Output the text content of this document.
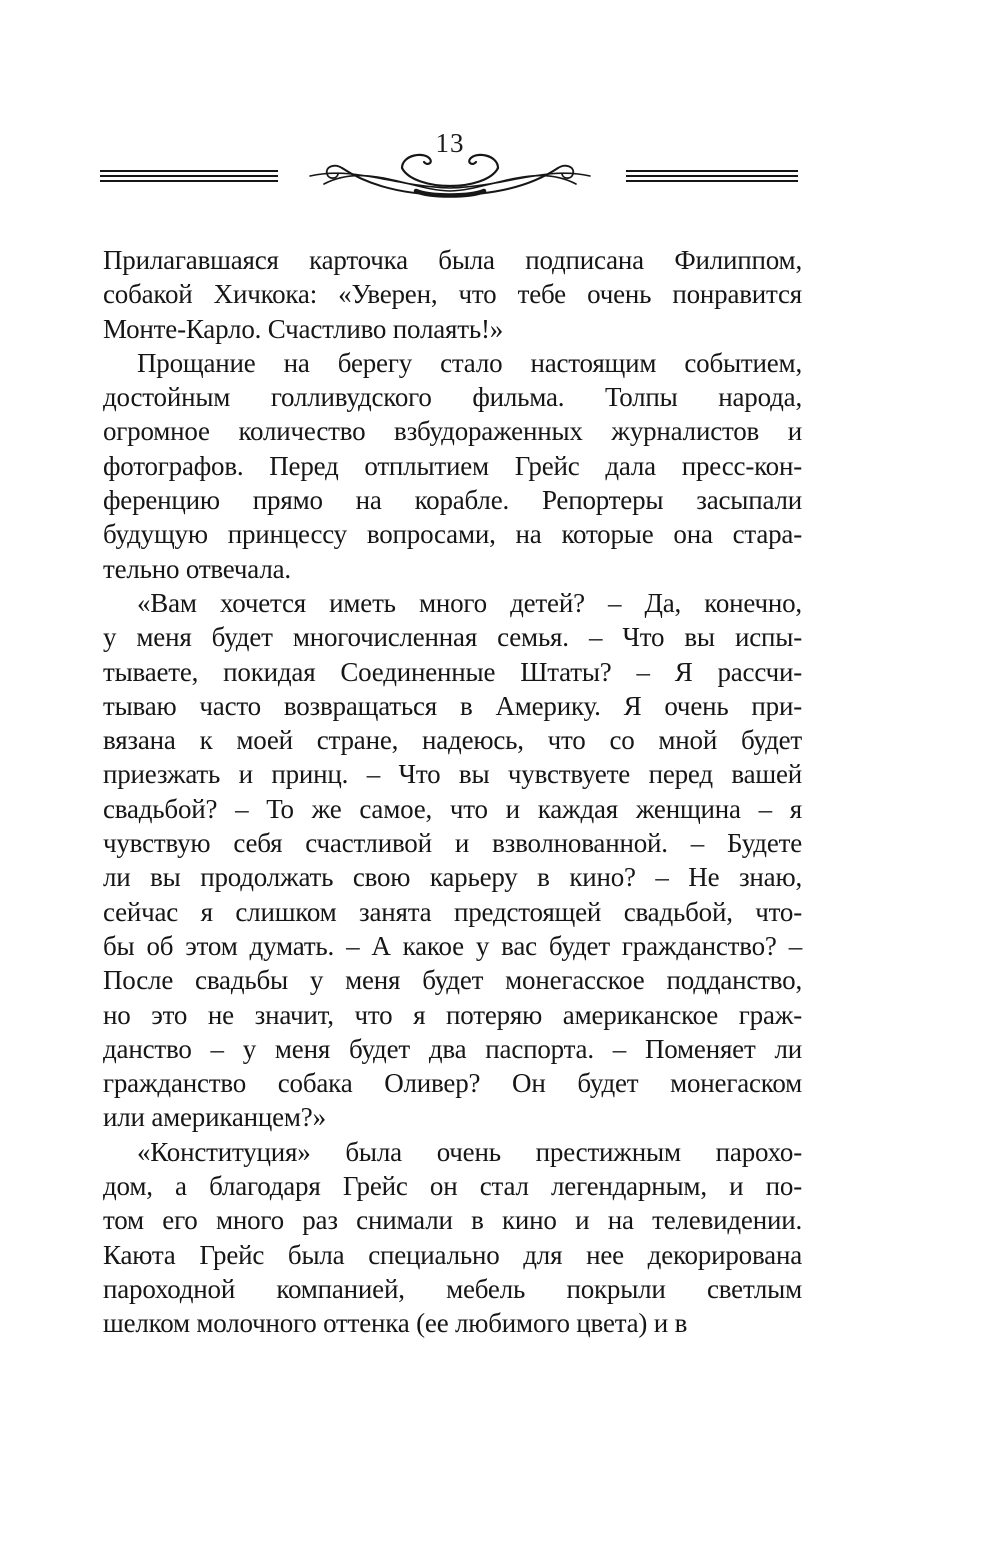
13
Прилагавшаяся карточка была подписана Филиппом,
собакой Хичкока: «Уверен, что тебе очень понравится
Монте-Карло. Счастливо полаять!»
Прощание на берегу стало настоящим событием,
достойным голливудского фильма. Толпы народа,
огромное количество взбудораженных журналистов и
фотографов. Перед отплытием Грейс дала пресс-кон-
ференцию прямо на корабле. Репортеры засыпали
будущую принцессу вопросами, на которые она стара-
тельно отвечала.
«Вам хочется иметь много детей? – Да, конечно,
у меня будет многочисленная семья. – Что вы испы-
тываете, покидая Соединенные Штаты? – Я рассчи-
тываю часто возвращаться в Америку. Я очень при-
вязана к моей стране, надеюсь, что со мной будет
приезжать и принц. – Что вы чувствуете перед вашей
свадьбой? – То же самое, что и каждая женщина – я
чувствую себя счастливой и взволнованной. – Будете
ли вы продолжать свою карьеру в кино? – Не знаю,
сейчас я слишком занята предстоящей свадьбой, что-
бы об этом думать. – А какое у вас будет гражданство? –
После свадьбы у меня будет монегасское подданство,
но это не значит, что я потеряю американское граж-
данство – у меня будет два паспорта. – Поменяет ли
гражданство собака Оливер? Он будет монегаском
или американцем?»
«Конституция» была очень престижным парохо-
дом, а благодаря Грейс он стал легендарным, и по-
том его много раз снимали в кино и на телевидении.
Каюта Грейс была специально для нее декорирована
пароходной компанией, мебель покрыли светлым
шелком молочного оттенка (ее любимого цвета) и в
